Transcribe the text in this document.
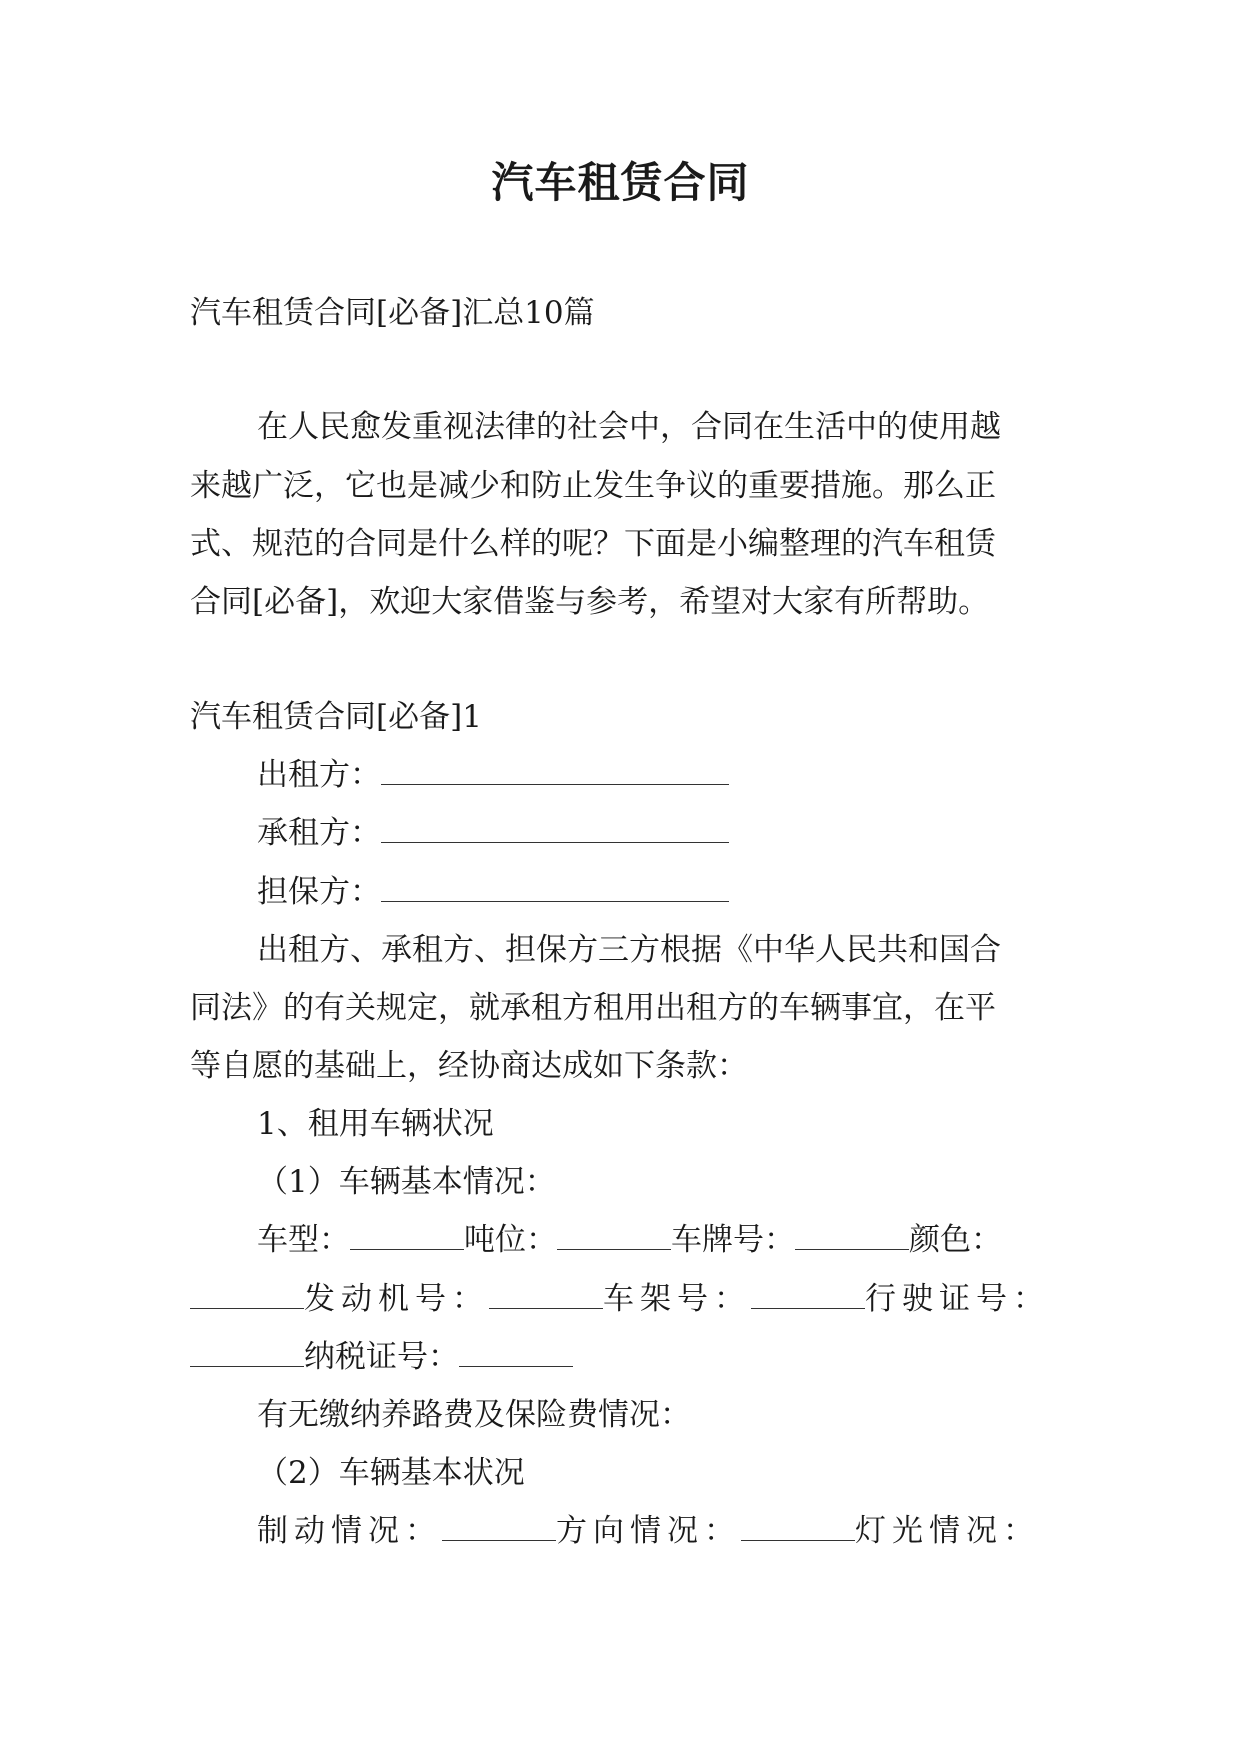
汽车租赁合同
汽车租赁合同[必备]汇总10篇
在人民愈发重视法律的社会中，合同在生活中的使用越
来越广泛，它也是减少和防止发生争议的重要措施。那么正
式、规范的合同是什么样的呢？下面是小编整理的汽车租赁
合同[必备]，欢迎大家借鉴与参考，希望对大家有所帮助。
汽车租赁合同[必备]1
出租方：
承租方：
担保方：
出租方、承租方、担保方三方根据《中华人民共和国合
同法》的有关规定，就承租方租用出租方的车辆事宜，在平
等自愿的基础上，经协商达成如下条款：
1、租用车辆状况
（1）车辆基本情况：
车型：	吨位：	车牌号：	颜色：
发动机号：	车架号：	行驶证号：
纳税证号：
有无缴纳养路费及保险费情况：
（2）车辆基本状况
制动情况：	方向情况：	灯光情况：
